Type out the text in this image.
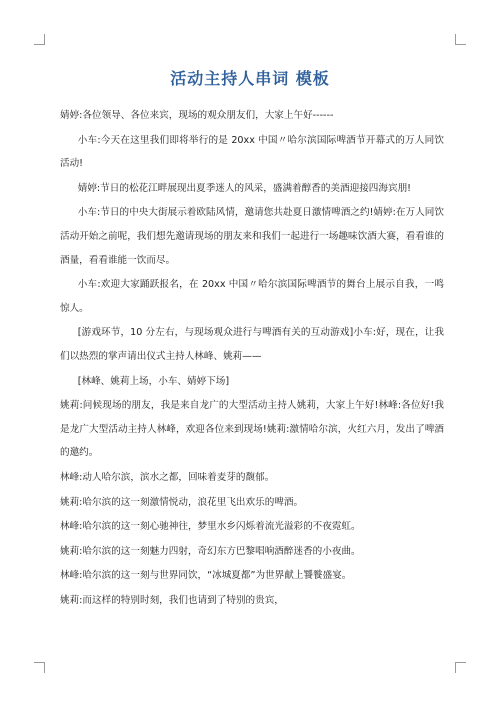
活动主持人串词 模板

婧婷:各位领导、各位来宾，现场的观众朋友们，大家上午好------

小车:今天在这里我们即将举行的是 20xx 中国〃哈尔滨国际啤酒节开幕式的万人同饮活动!

婧婷:节日的松花江畔展现出夏季迷人的风采，盛满着醇香的美酒迎接四海宾朋!

小车:节日的中央大街展示着欧陆风情，邀请您共赴夏日激情啤酒之约!婧婷:在万人同饮活动开始之前呢，我们想先邀请现场的朋友来和我们一起进行一场趣味饮酒大赛，看看谁的酒量，看看谁能一饮而尽。

小车:欢迎大家踊跃报名，在 20xx 中国〃哈尔滨国际啤酒节的舞台上展示自我，一鸣惊人。

[游戏环节，10 分左右，与现场观众进行与啤酒有关的互动游戏]小车:好，现在，让我们以热烈的掌声请出仪式主持人林峰、姚莉——

[林峰、姚莉上场，小车、婧婷下场]

姚莉:问候现场的朋友，我是来自龙广的大型活动主持人姚莉，大家上午好!林峰:各位好!我是龙广大型活动主持人林峰，欢迎各位来到现场!姚莉:激情哈尔滨，火红六月，发出了啤酒的邀约。

林峰:动人哈尔滨，滨水之都，回味着麦芽的馥郁。

姚莉:哈尔滨的这一刻激情悦动，浪花里飞出欢乐的啤酒。

林峰:哈尔滨的这一刻心驰神往，梦里水乡闪烁着流光溢彩的不夜霓虹。

姚莉:哈尔滨的这一刻魅力四射，奇幻东方巴黎唱响酒醉迷香的小夜曲。

林峰:哈尔滨的这一刻与世界同饮，“冰城夏都”为世界献上饕餮盛宴。

姚莉:而这样的特别时刻，我们也请到了特别的贵宾，
